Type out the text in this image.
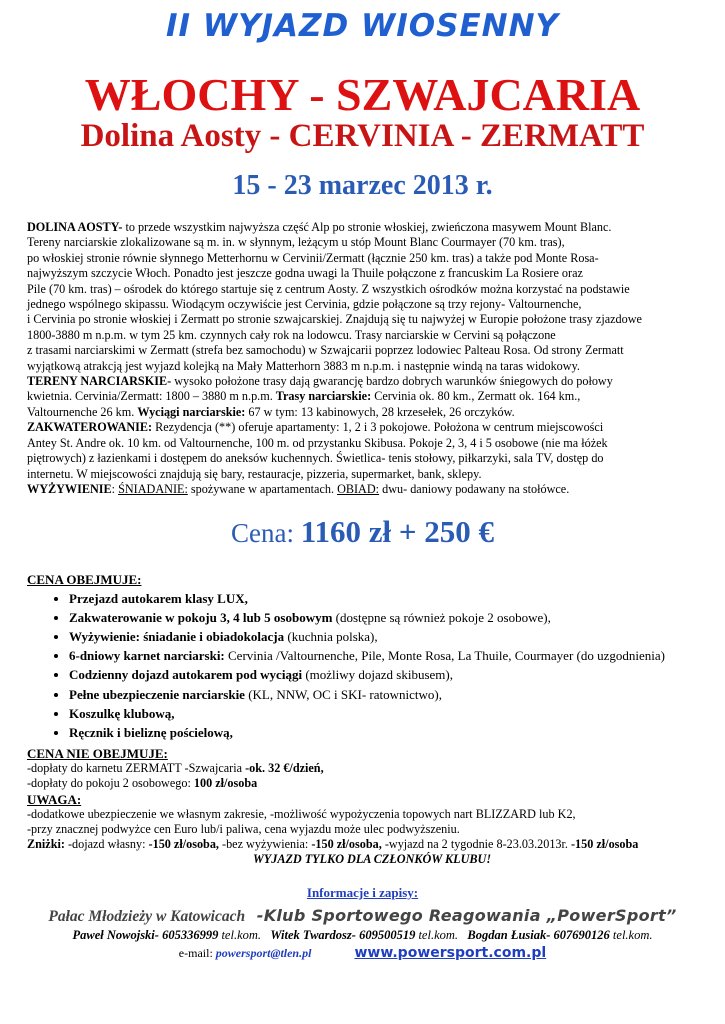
II WYJAZD WIOSENNY
WŁOCHY - SZWAJCARIA
Dolina Aosty - CERVINIA - ZERMATT
15 - 23 marzec 2013 r.

DOLINA AOSTY- to przede wszystkim najwyższa część Alp po stronie włoskiej, zwieńczona masywem Mount Blanc.

Tereny narciarskie zlokalizowane są m. in. w słynnym, leżącym u stóp Mount Blanc Courmayer (70 km. tras),

po włoskiej stronie równie słynnego Metterhornu w Cervinii/Zermatt (łącznie 250 km. tras) a także pod Monte Rosa-

najwyższym szczycie Włoch. Ponadto jest jeszcze godna uwagi la Thuile połączone z francuskim La Rosiere oraz

Pile (70 km. tras) – ośrodek do którego startuje się z centrum Aosty. Z wszystkich ośrodków można korzystać na podstawie

jednego wspólnego skipassu. Wiodącym oczywiście jest Cervinia, gdzie połączone są trzy rejony- Valtournenche,

i Cervinia po stronie włoskiej i Zermatt po stronie szwajcarskiej. Znajdują się tu najwyżej w Europie położone trasy zjazdowe

1800-3880 m n.p.m. w tym 25 km. czynnych cały rok na lodowcu. Trasy narciarskie w Cervini są połączone

z trasami narciarskimi w Zermatt (strefa bez samochodu) w Szwajcarii poprzez lodowiec Palteau Rosa. Od strony Zermatt

wyjątkową atrakcją jest wyjazd kolejką na Mały Matterhorn 3883 m n.p.m. i następnie windą na taras widokowy.

TERENY NARCIARSKIE- wysoko położone trasy dają gwarancję bardzo dobrych warunków śniegowych do połowy

kwietnia. Cervinia/Zermatt: 1800 – 3880 m n.p.m. Trasy narciarskie: Cervinia ok. 80 km., Zermatt ok. 164 km.,

Valtournenche 26 km. Wyciągi narciarskie: 67 w tym: 13 kabinowych, 28 krzesełek, 26 orczyków.

ZAKWATEROWANIE: Rezydencja (**) oferuje apartamenty: 1, 2 i 3 pokojowe. Położona w centrum miejscowości

Antey St. Andre ok. 10 km. od Valtournenche, 100 m. od przystanku Skibusa. Pokoje 2, 3, 4 i 5 osobowe (nie ma łóżek

piętrowych) z łazienkami i dostępem do aneksów kuchennych. Świetlica- tenis stołowy, piłkarzyki, sala TV, dostęp do

internetu. W miejscowości znajdują się bary, restauracje, pizzeria, supermarket, bank, sklepy.

WYŻYWIENIE: ŚNIADANIE: spożywane w apartamentach. OBIAD: dwu- daniowy podawany na stołówce.

Cena: 1160 zł + 250 €
CENA OBEJMUJE:
• Przejazd autokarem klasy LUX,
• Zakwaterowanie w pokoju 3, 4 lub 5 osobowym (dostępne są również pokoje 2 osobowe),
• Wyżywienie: śniadanie i obiadokolacja (kuchnia polska),
• 6-dniowy karnet narciarski: Cervinia /Valtournenche, Pile, Monte Rosa, La Thuile, Courmayer (do uzgodnienia)
• Codzienny dojazd autokarem pod wyciągi (możliwy dojazd skibusem),
• Pełne ubezpieczenie narciarskie (KL, NNW, OC i SKI- ratownictwo),
• Koszulkę klubową,
• Ręcznik i bieliznę pościelową,

CENA NIE OBEJMUJE:

-dopłaty do karnetu ZERMATT -Szwajcaria -ok. 32 €/dzień,

-dopłaty do pokoju 2 osobowego: 100 zł/osoba

UWAGA:

-dodatkowe ubezpieczenie we własnym zakresie, -możliwość wypożyczenia topowych nart BLIZZARD lub K2,

-przy znacznej podwyżce cen Euro lub/i paliwa, cena wyjazdu może ulec podwyższeniu.

Zniżki: -dojazd własny: -150 zł/osoba, -bez wyżywienia: -150 zł/osoba, -wyjazd na 2 tygodnie 8-23.03.2013r. -150 zł/osoba

WYJAZD TYLKO DLA CZŁONKÓW KLUBU!

Informacje i zapisy:
Pałac Młodzieży w Katowicach -Klub Sportowego Reagowania „PowerSport”
Paweł Nowojski- 605336999 tel.kom. Witek Twardosz- 609500519 tel.kom. Bogdan Łusiak- 607690126 tel.kom.
e-mail: powersport@tlen.pl	www.powersport.com.pl
